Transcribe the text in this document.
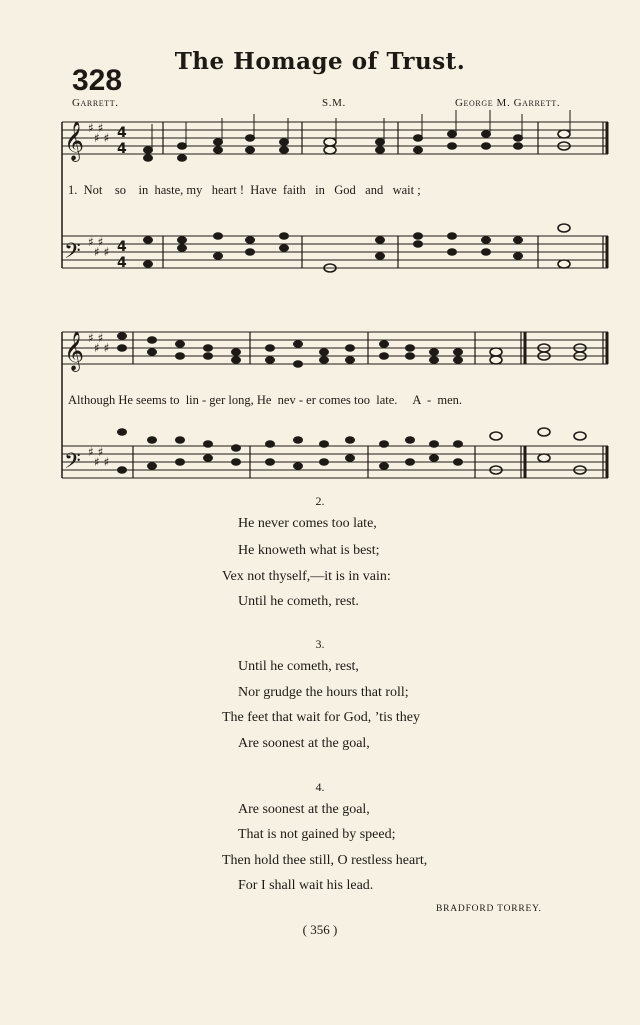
The Homage of Trust.
328
Garrett.	S.M.	George M. Garrett.
𝄞
𝄢
𝄞
𝄢
♯ ♯
♯ ♯
♯ ♯
♯ ♯
♯ ♯
♯ ♯
♯ ♯
♯ ♯
4
4
4
4
1.  Not    so    in  haste, my   heart !  Have  faith   in   God   and   wait ;
Although He seems to  lin - ger long, He  nev - er comes too  late.     A  -  men.
2.
He never comes too late,
He knoweth what is best;
Vex not thyself,—it is in vain:
Until he cometh, rest.
3.
Until he cometh, rest,
Nor grudge the hours that roll;
The feet that wait for God, ’tis they
Are soonest at the goal,
4.
Are soonest at the goal,
That is not gained by speed;
Then hold thee still, O restless heart,
For I shall wait his lead.
BRADFORD TORREY.
( 356 )
